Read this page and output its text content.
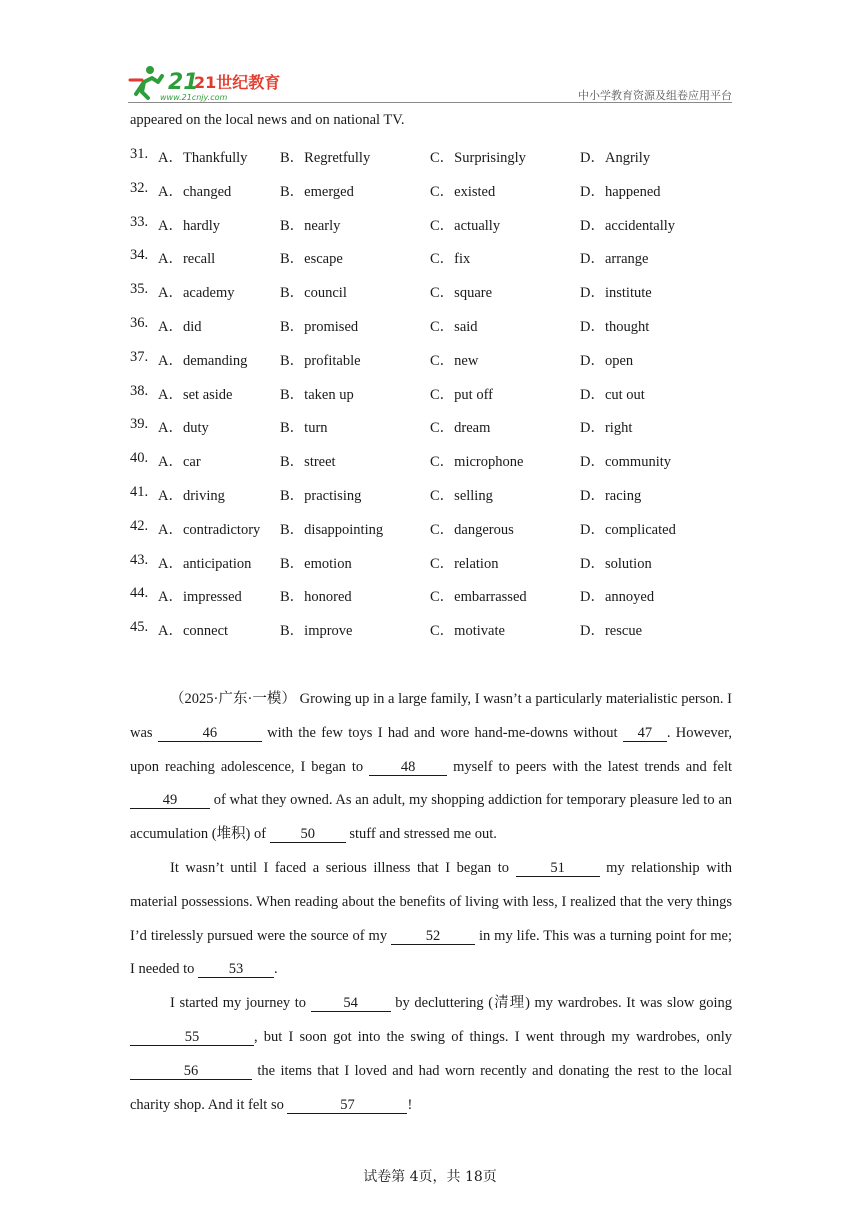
21
21世纪教育
www.21cnjy.com	中小学教育资源及组卷应用平台
appeared on the local news and on national TV.
31. A．Thankfully B．Regretfully	C．Surprisingly	D．Angrily
32. A．changed	B．emerged	C．existed	D．happened
33. A．hardly	B．nearly	C．actually	D．accidentally
34. A．recall	B．escape	C．fix	D．arrange
35. A．academy	B．council	C．square	D．institute
36. A．did	B．promised	C．said	D．thought
37. A．demanding B．profitable	C．new	D．open
38. A．set aside	B．taken up	C．put off	D．cut out
39. A．duty	B．turn	C．dream	D．right
40. A．car	B．street	C．microphone	D．community
41. A．driving	B．practising	C．selling	D．racing
42. A．contradictory B．disappointing	C．dangerous	D．complicated
43. A．anticipation B．emotion	C．relation	D．solution
44. A．impressed	B．honored	C．embarrassed	D．annoyed
45. A．connect	B．improve	C．motivate	D．rescue

（2025·广东·一模） Growing up in a large family, I wasn’t a particularly materialistic person. I was	46	with the few toys I had and wore hand-me-downs without 47 . However, upon reaching adolescence, I began to 48 myself to peers with the latest trends and felt 49 of what they owned. As an adult, my shopping addiction for temporary pleasure led to an accumulation (堆积) of 50 stuff and stressed me out.

It wasn’t until I faced a serious illness that I began to 51 my relationship with material possessions. When reading about the benefits of living with less, I realized that the very things I’d tirelessly pursued were the source of my 52 in my life. This was a turning point for me; I needed to 53 .

I started my journey to 54 by decluttering (清理) my wardrobes. It was slow going 55	, but I soon got into the swing of things. I went through my wardrobes, only 56	the items that I loved and had worn recently and donating the rest to the local charity shop. And it felt so	57	!

试卷第 4页，共 18页
